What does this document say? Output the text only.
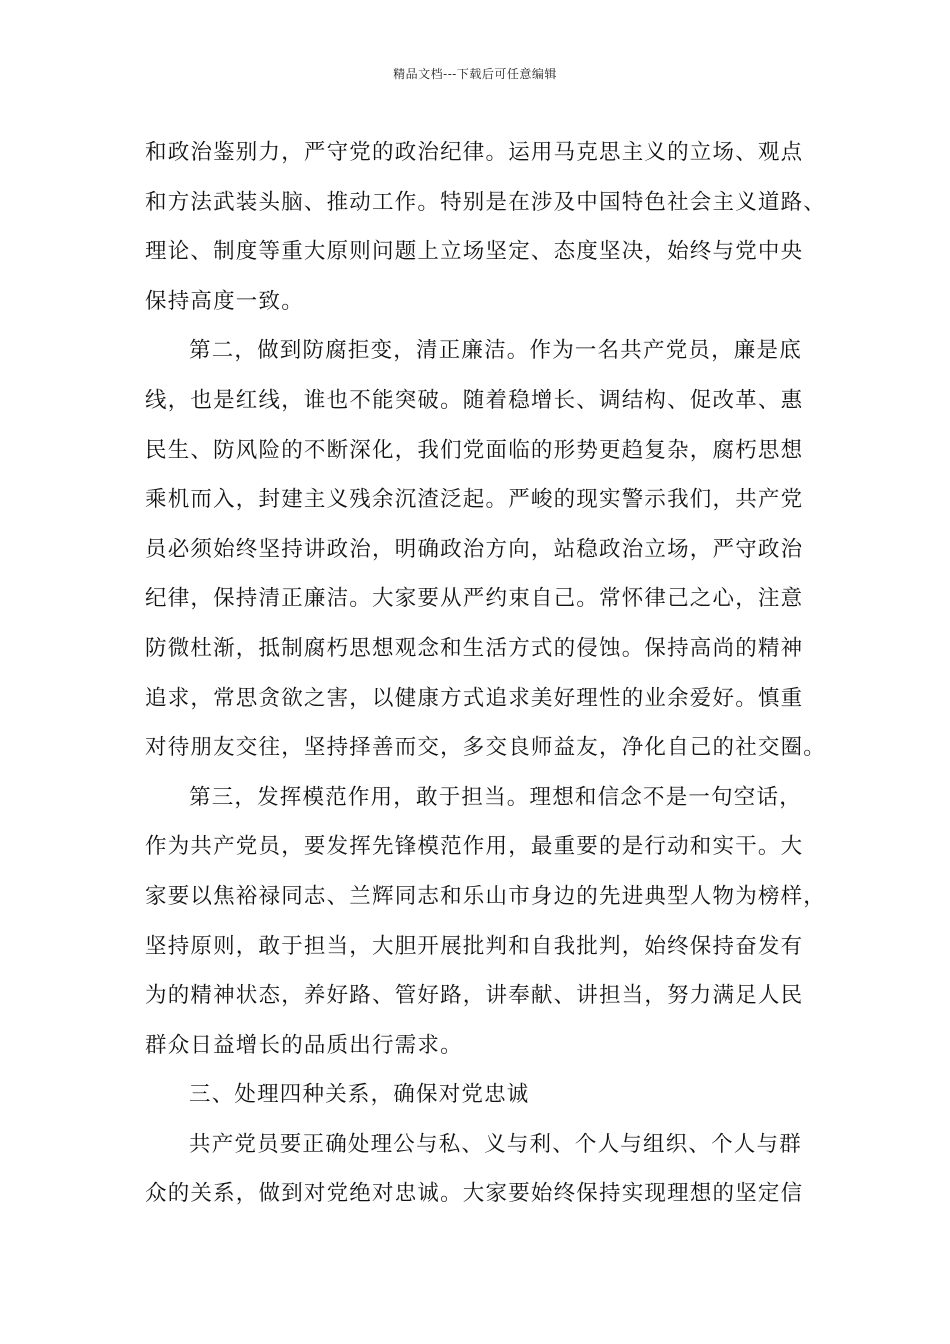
精品文档---下载后可任意编辑
和政治鉴别力，严守党的政治纪律。运用马克思主义的立场、观点
和方法武装头脑、推动工作。特别是在涉及中国特色社会主义道路、
理论、制度等重大原则问题上立场坚定、态度坚决，始终与党中央
保持高度一致。
第二，做到防腐拒变，清正廉洁。作为一名共产党员，廉是底
线，也是红线，谁也不能突破。随着稳增长、调结构、促改革、惠
民生、防风险的不断深化，我们党面临的形势更趋复杂，腐朽思想
乘机而入，封建主义残余沉渣泛起。严峻的现实警示我们，共产党
员必须始终坚持讲政治，明确政治方向，站稳政治立场，严守政治
纪律，保持清正廉洁。大家要从严约束自己。常怀律己之心，注意
防微杜渐，抵制腐朽思想观念和生活方式的侵蚀。保持高尚的精神
追求，常思贪欲之害，以健康方式追求美好理性的业余爱好。慎重
对待朋友交往，坚持择善而交，多交良师益友，净化自己的社交圈。
第三，发挥模范作用，敢于担当。理想和信念不是一句空话，
作为共产党员，要发挥先锋模范作用，最重要的是行动和实干。大
家要以焦裕禄同志、兰辉同志和乐山市身边的先进典型人物为榜样，
坚持原则，敢于担当，大胆开展批判和自我批判，始终保持奋发有
为的精神状态，养好路、管好路，讲奉献、讲担当，努力满足人民
群众日益增长的品质出行需求。
三、处理四种关系，确保对党忠诚
共产党员要正确处理公与私、义与利、个人与组织、个人与群
众的关系，做到对党绝对忠诚。大家要始终保持实现理想的坚定信
